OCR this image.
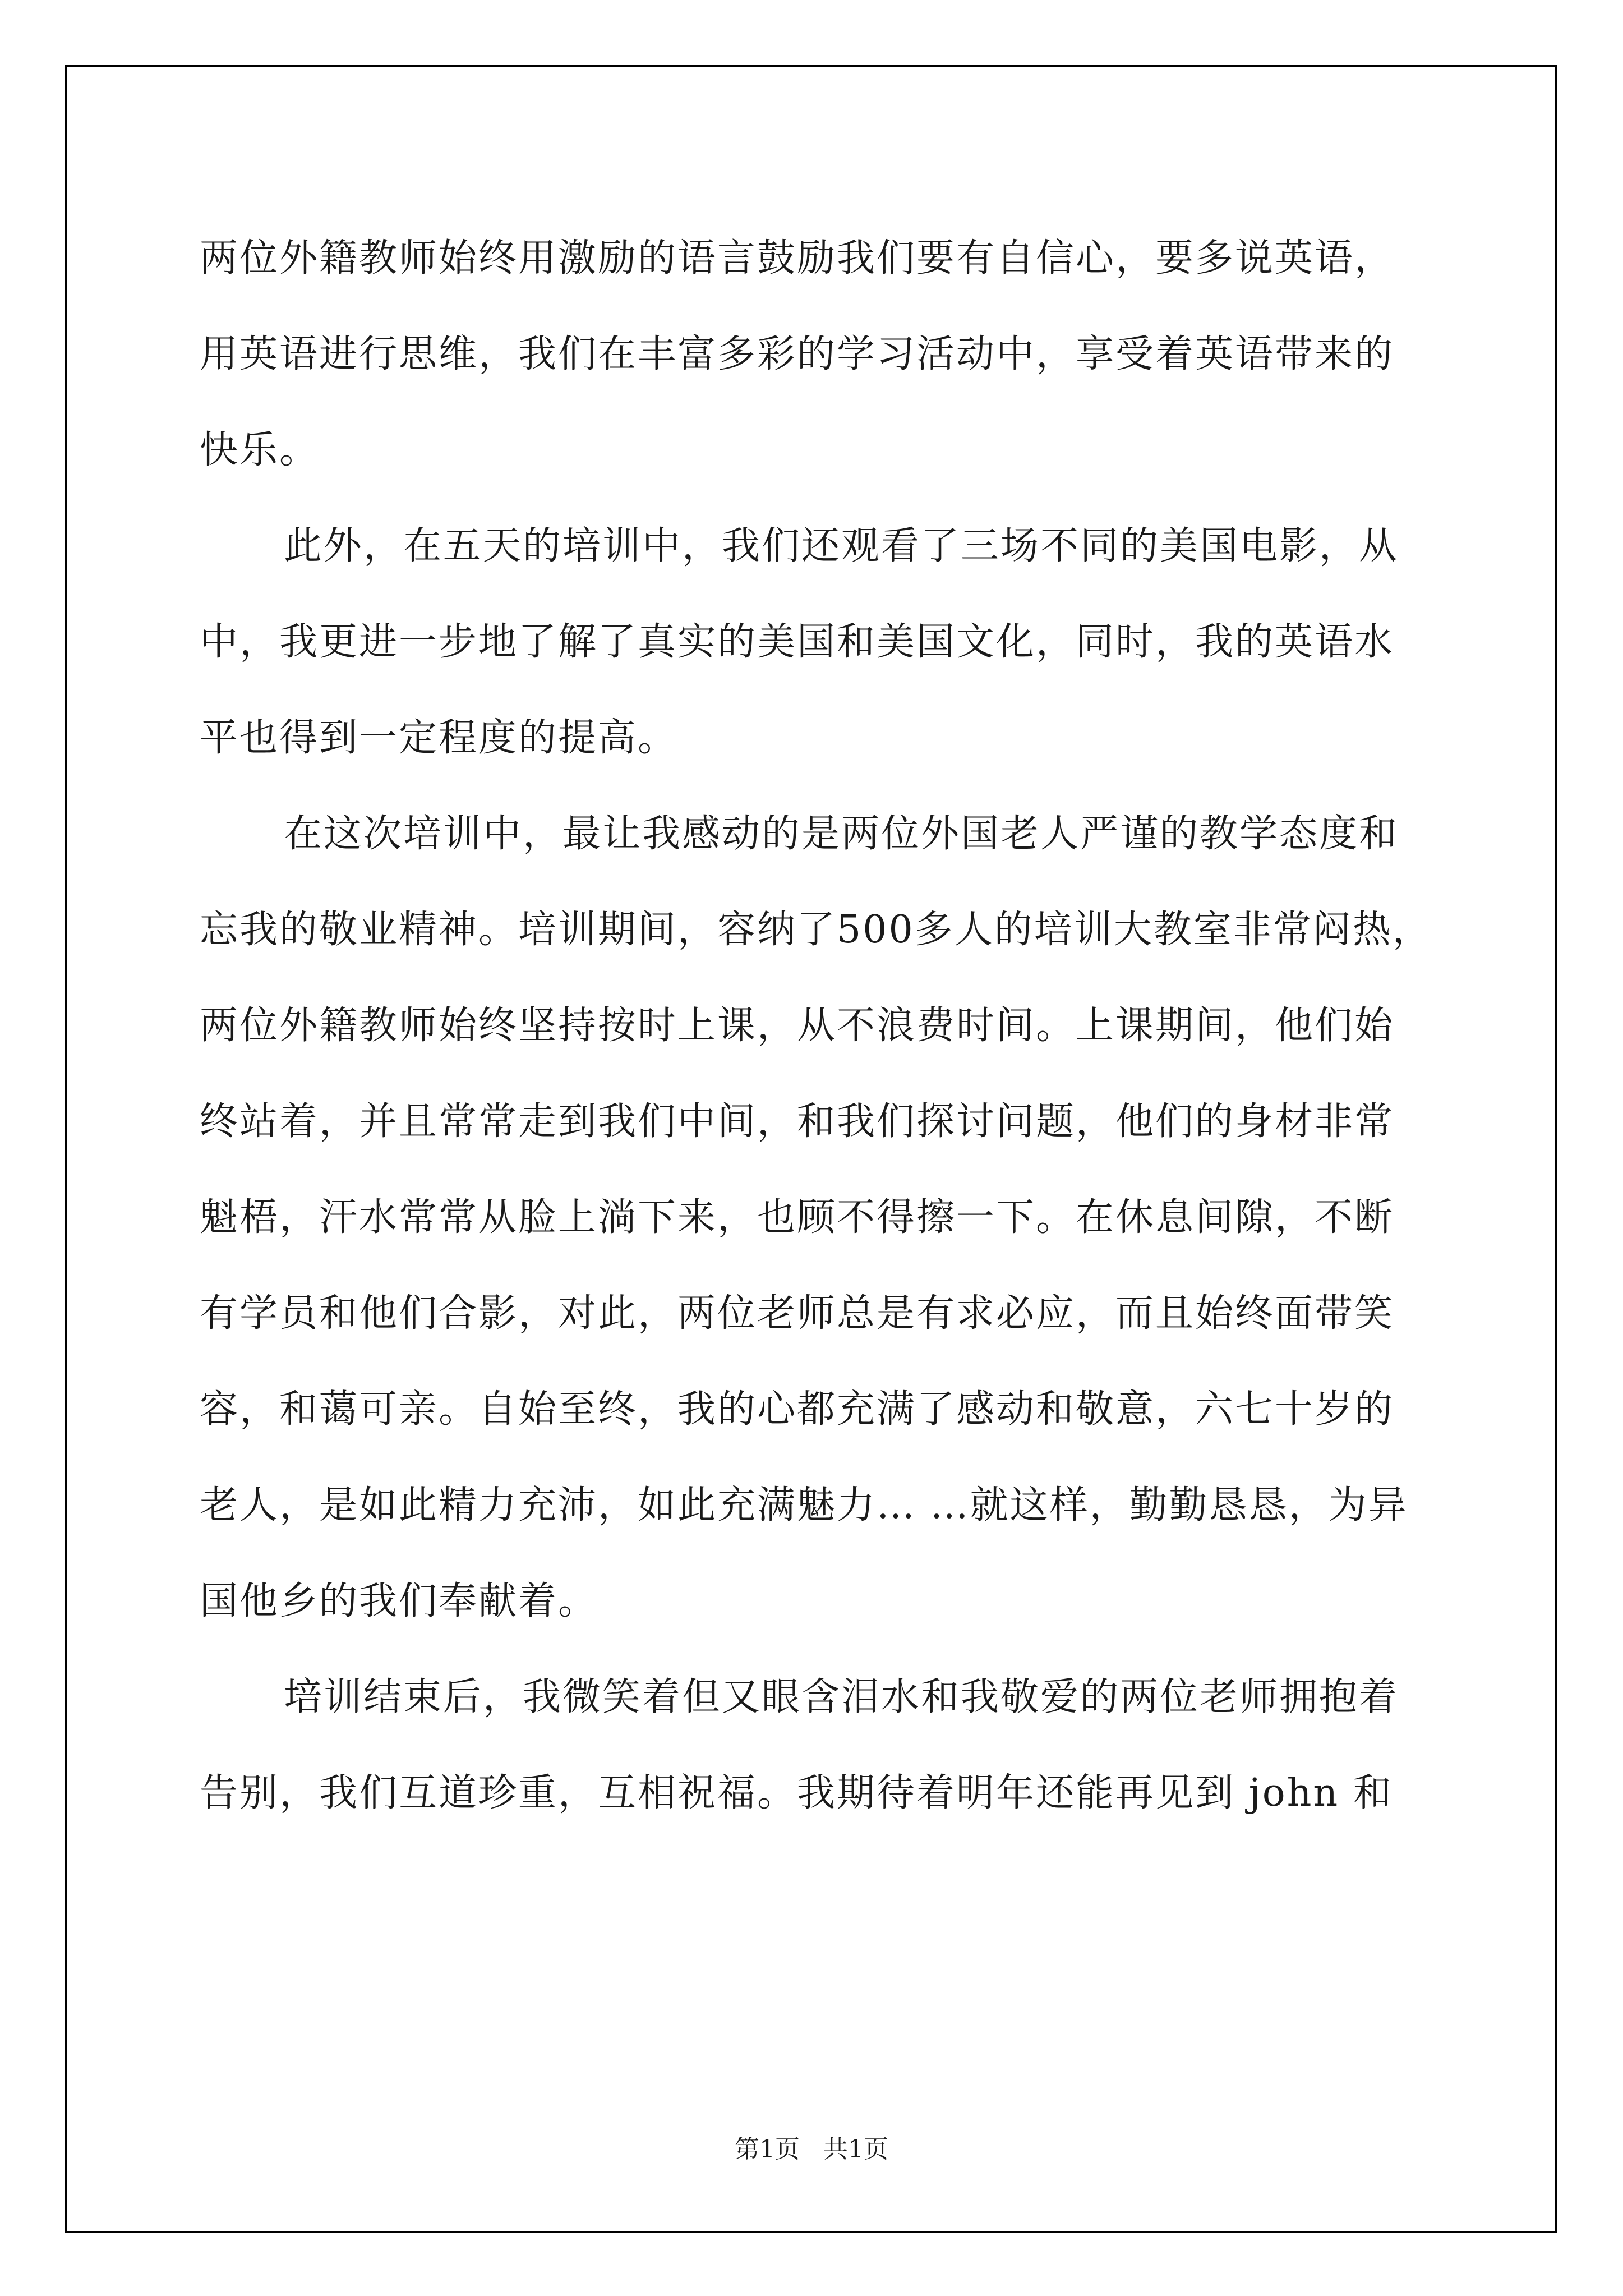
两位外籍教师始终用激励的语言鼓励我们要有自信心，要多说英语，
用英语进行思维，我们在丰富多彩的学习活动中，享受着英语带来的
快乐。
此外，在五天的培训中，我们还观看了三场不同的美国电影，从
中，我更进一步地了解了真实的美国和美国文化，同时，我的英语水
平也得到一定程度的提高。
在这次培训中，最让我感动的是两位外国老人严谨的教学态度和
忘我的敬业精神。培训期间，容纳了500多人的培训大教室非常闷热，
两位外籍教师始终坚持按时上课，从不浪费时间。上课期间，他们始
终站着，并且常常走到我们中间，和我们探讨问题，他们的身材非常
魁梧，汗水常常从脸上淌下来，也顾不得擦一下。在休息间隙，不断
有学员和他们合影，对此，两位老师总是有求必应，而且始终面带笑
容，和蔼可亲。自始至终，我的心都充满了感动和敬意，六七十岁的
老人，是如此精力充沛，如此充满魅力… …就这样，勤勤恳恳，为异
国他乡的我们奉献着。
培训结束后，我微笑着但又眼含泪水和我敬爱的两位老师拥抱着
告别，我们互道珍重，互相祝福。我期待着明年还能再见到 john 和
第1页   共1页
